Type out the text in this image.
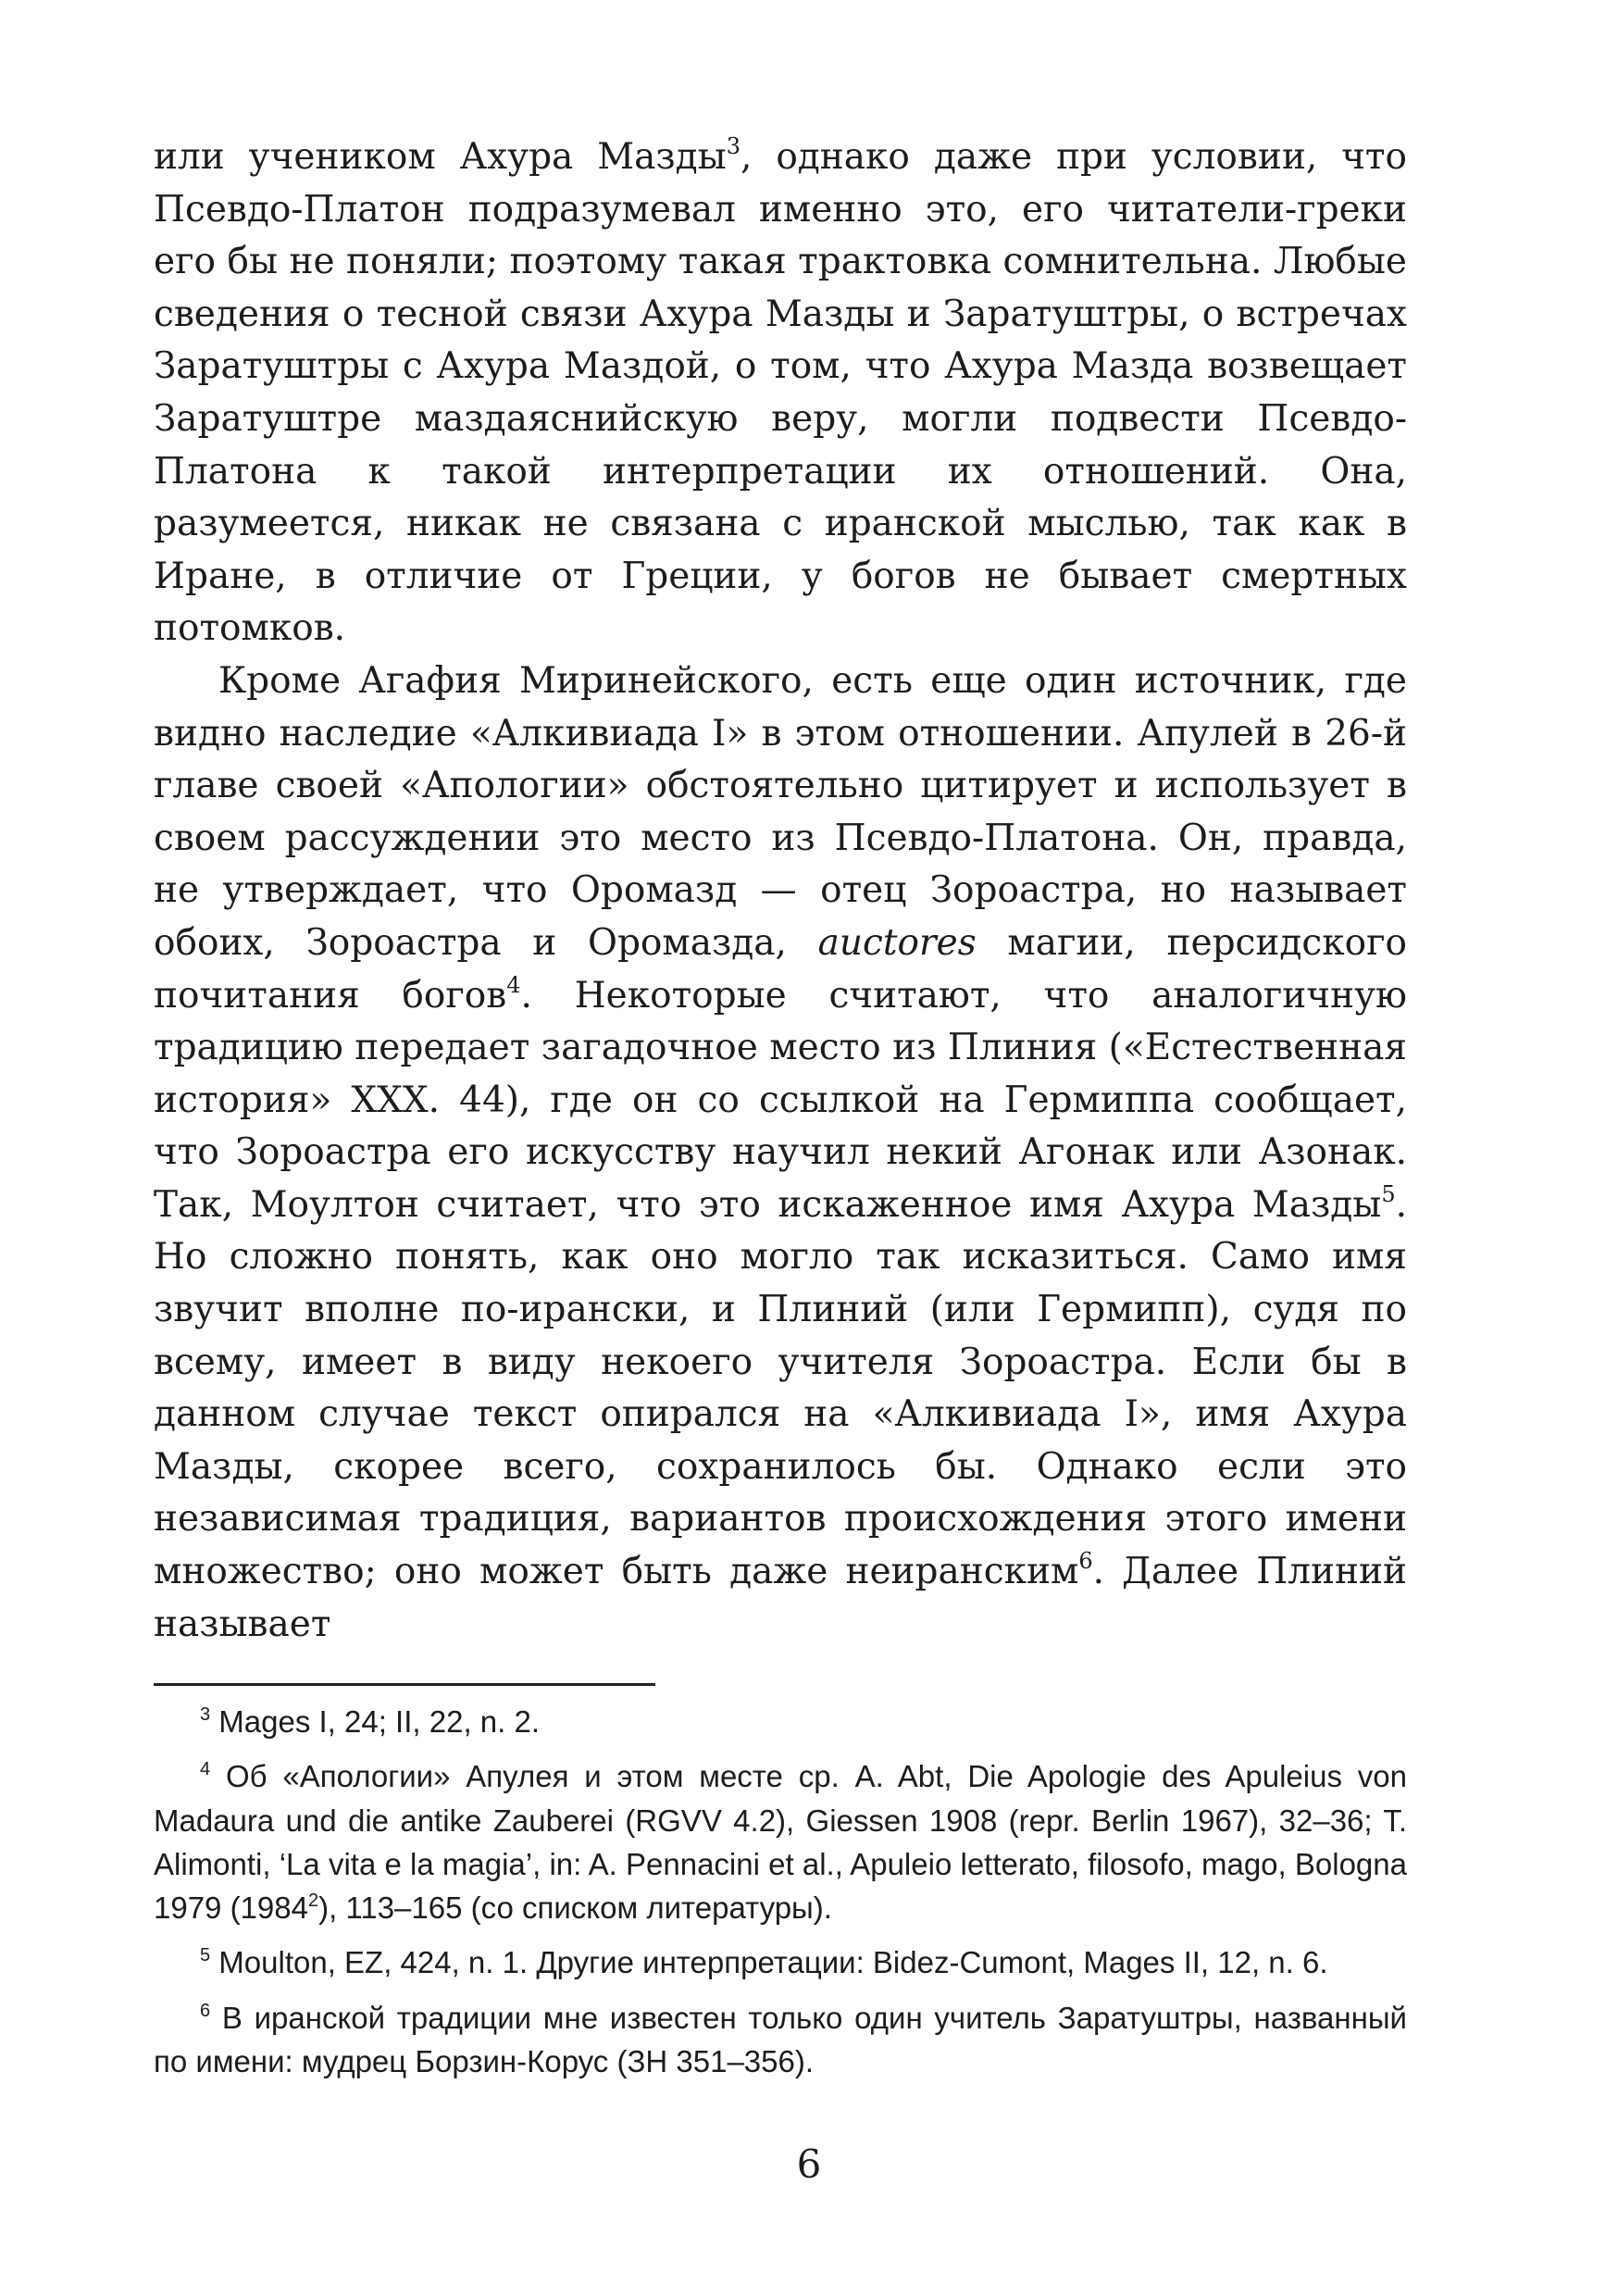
или учеником Ахура Мазды$^3$, однако даже при условии, что Псевдо-Платон подразумевал именно это, его читатели-греки его бы не поняли; поэтому такая трактовка сомнительна. Любые сведения о тесной связи Ахура Мазды и Заратуштры, о встречах Заратуштры с Ахура Маздой, о том, что Ахура Мазда возвещает Заратуштре маздаяснийскую веру, могли подвести Псевдо-Платона к такой интерпретации их отношений. Она, разумеется, никак не связана с иранской мыслью, так как в Иране, в отличие от Греции, у богов не бывает смертных потомков.

Кроме Агафия Миринейского, есть еще один источник, где видно наследие «Алкивиада I» в этом отношении. Апулей в 26-й главе своей «Апологии» обстоятельно цитирует и использует в своем рассуждении это место из Псевдо-Платона. Он, правда, не утверждает, что Оромазд — отец Зороастра, но называет обоих, Зороастра и Оромазда, auctores магии, персидского почитания богов$^4$. Некоторые считают, что аналогичную традицию передает загадочное место из Плиния («Естественная история» XXX. 44), где он со ссылкой на Гермиппа сообщает, что Зороастра его искусству научил некий Агонак или Азонак. Так, Моултон считает, что это искаженное имя Ахура Мазды$^5$. Но сложно понять, как оно могло так исказиться. Само имя звучит вполне по-ирански, и Плиний (или Гермипп), судя по всему, имеет в виду некоего учителя Зороастра. Если бы в данном случае текст опирался на «Алкивиада I», имя Ахура Мазды, скорее всего, сохранилось бы. Однако если это независимая традиция, вариантов происхождения этого имени множество; оно может быть даже неиранским$^6$. Далее Плиний называет

$^3$ Mages I, 24; II, 22, n. 2.

$^4$ Об «Апологии» Апулея и этом месте ср. A. Abt, Die Apologie des Apuleius von Madaura und die antike Zauberei (RGVV 4.2), Giessen 1908 (repr. Berlin 1967), 32–36; T. Alimonti, ‘La vita e la magia’, in: A. Pennacini et al., Apuleio letterato, filosofo, mago, Bologna 1979 (1984$^2$), 113–165 (со списком литературы).

$^5$ Moulton, EZ, 424, n. 1. Другие интерпретации: Bidez-Cumont, Mages II, 12, n. 6.

$^6$ В иранской традиции мне известен только один учитель Заратуштры, названный по имени: мудрец Борзин-Корус (ЗН 351–356).

6
